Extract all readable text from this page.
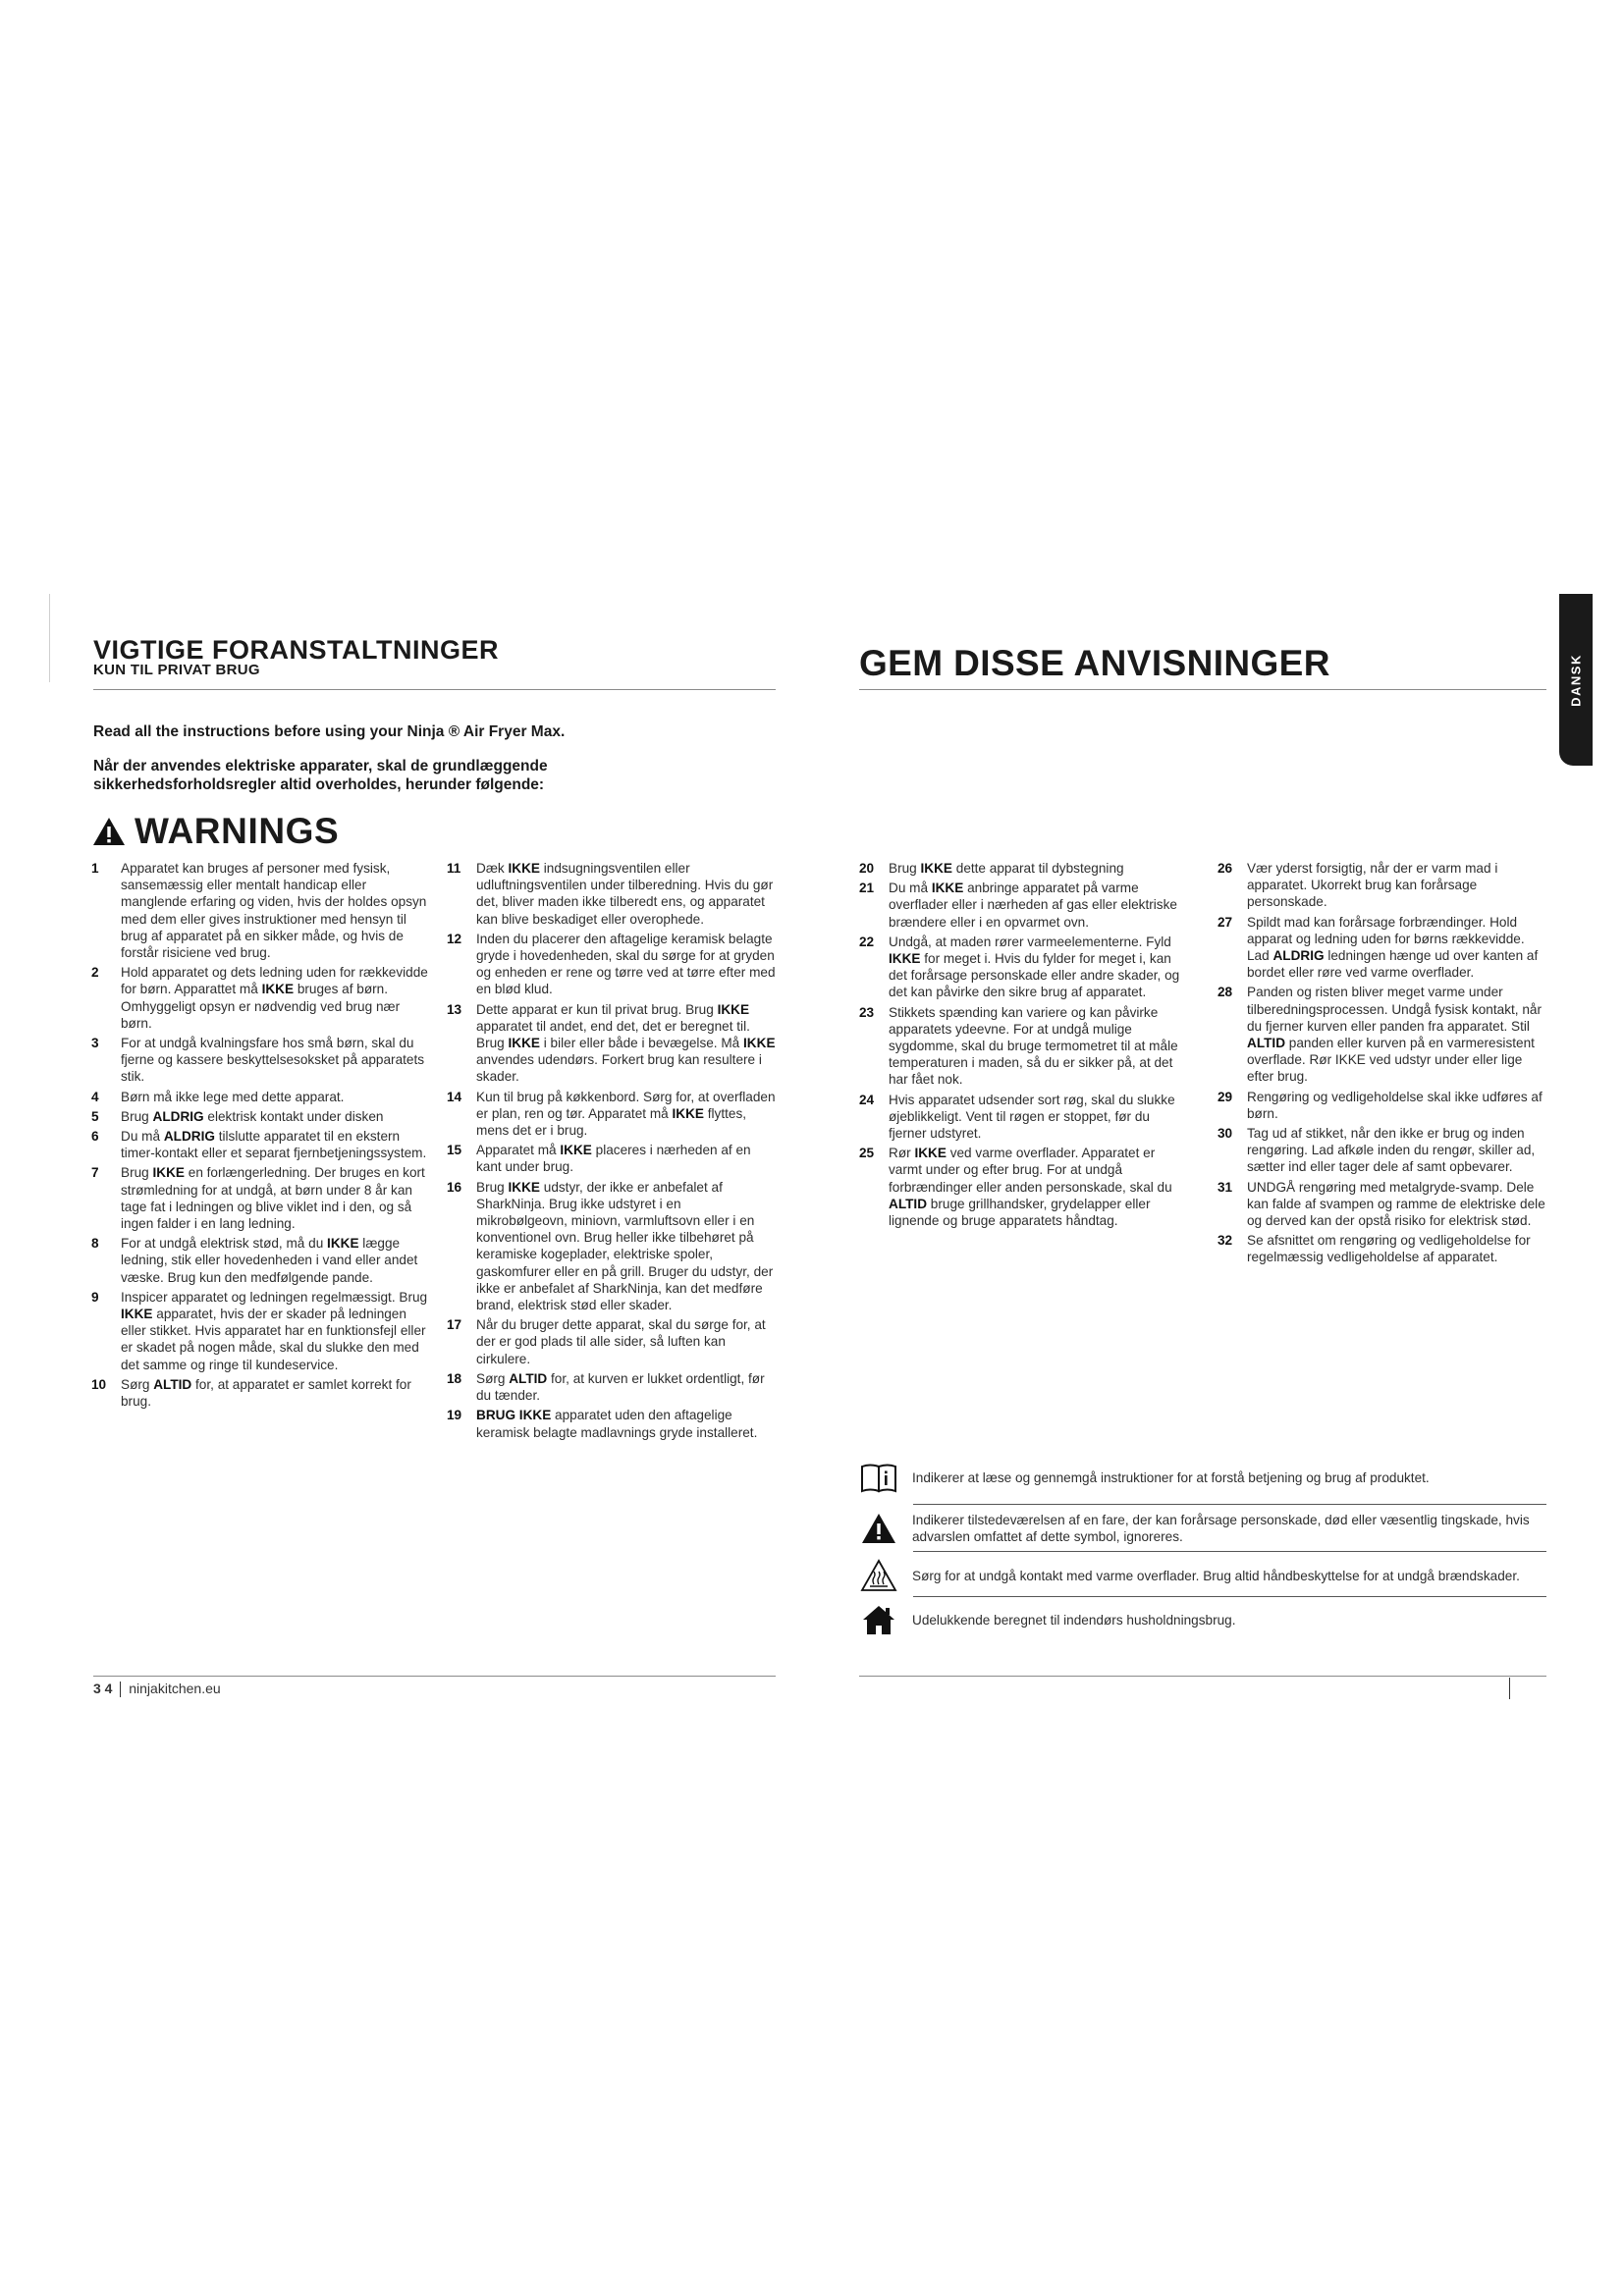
VIGTIGE FORANSTALTNINGER
KUN TIL PRIVAT BRUG	GEM DISSE ANVISNINGER	DANSK
Read all the instructions before using your Ninja ® Air Fryer Max.
Når der anvendes elektriske apparater, skal de grundlæggende sikkerhedsforholdsregler altid overholdes, herunder følgende:
WARNINGS
1	Apparatet kan bruges af personer med fysisk, sansemæssig eller mentalt handicap eller manglende erfaring og viden, hvis der holdes opsyn med dem eller gives instruktioner med hensyn til brug af apparatet på en sikker måde, og hvis de forstår risicienе ved brug.
2	Hold apparatet og dets ledning uden for rækkevidde for børn. Apparattet må IKKE bruges af børn. Omhyggeligt opsyn er nødvendig ved brug nær børn.
3	For at undgå kvalningsfare hos små børn, skal du fjerne og kassere beskyttelsesoksket på apparatets stik.
4	Børn må ikke lege med dette apparat.
5	Brug ALDRIG elektrisk kontakt under disken
6	Du må ALDRIG tilslutte apparatet til en ekstern timer-kontakt eller et separat fjernbetjeningssystem.
7	Brug IKKE en forlængerledning. Der bruges en kort strømledning for at undgå, at børn under 8 år kan tage fat i ledningen og blive viklet ind i den, og så ingen falder i en lang ledning.
8	For at undgå elektrisk stød, må du IKKE lægge ledning, stik eller hovedenheden i vand eller andet væske. Brug kun den medfølgende pande.
9	Inspicer apparatet og ledningen regelmæssigt. Brug IKKE apparatet, hvis der er skader på ledningen eller stikket. Hvis apparatet har en funktionsfejl eller er skadet på nogen måde, skal du slukke den med det samme og ringe til kundeservice.
10	Sørg ALTID for, at apparatet er samlet korrekt for brug.
11	Dæk IKKE indsugningsventilen eller udluftningsventilen under tilberedning. Hvis du gør det, bliver maden ikke tilberedt ens, og apparatet kan blive beskadiget eller overophede.
12	Inden du placerer den aftagelige keramisk belagte gryde i hovedenheden, skal du sørge for at gryden og enheden er rene og tørre ved at tørre efter med en blød klud.
13	Dette apparat er kun til privat brug. Brug IKKE apparatet til andet, end det, det er beregnet til. Brug IKKE i biler eller både i bevægelse. Må IKKE anvendes udendørs. Forkert brug kan resultere i skader.
14	Kun til brug på køkkenbord. Sørg for, at overfladen er plan, ren og tør. Apparatet må IKKE flyttes, mens det er i brug.
15	Apparatet må IKKE placeres i nærheden af en kant under brug.
16	Brug IKKE udstyr, der ikke er anbefalet af SharkNinja. Brug ikke udstyret i en mikrobølgeovn, miniovn, varmluftsovn eller i en konventionel ovn. Brug heller ikke tilbehøret på keramiske kogeplader, elektriske spoler, gaskomfurer eller en på grill. Bruger du udstyr, der ikke er anbefalet af SharkNinja, kan det medføre brand, elektrisk stød eller skader.
17	Når du bruger dette apparat, skal du sørge for, at der er god plads til alle sider, så luften kan cirkulere.
18	Sørg ALTID for, at kurven er lukket ordentligt, før du tænder.
19	BRUG IKKE apparatet uden den aftagelige keramisk belagte madlavnings gryde installeret.
20	Brug IKKE dette apparat til dybstegning
21	Du må IKKE anbringe apparatet på varme overflader eller i nærheden af gas eller elektriske brændere eller i en opvarmet ovn.
22	Undgå, at maden rører varmeelementerne. Fyld IKKE for meget i. Hvis du fylder for meget i, kan det forårsage personskade eller andre skader, og det kan påvirke den sikre brug af apparatet.
23	Stikkets spænding kan variere og kan påvirke apparatets ydeevne. For at undgå mulige sygdomme, skal du bruge termometret til at måle temperaturen i maden, så du er sikker på, at det har fået nok.
24	Hvis apparatet udsender sort røg, skal du slukke øjeblikkeligt. Vent til røgen er stoppet, før du fjerner udstyret.
25	Rør IKKE ved varme overflader. Apparatet er varmt under og efter brug. For at undgå forbrændinger eller anden personskade, skal du ALTID bruge grillhandsker, grydelapper eller lignende og bruge apparatets håndtag.
26	Vær yderst forsigtig, når der er varm mad i apparatet. Ukorrekt brug kan forårsage personskade.
27	Spildt mad kan forårsage forbrændinger. Hold apparat og ledning uden for børns rækkevidde. Lad ALDRIG ledningen hænge ud over kanten af bordet eller røre ved varme overflader.
28	Panden og risten bliver meget varme under tilberedningsprocessen. Undgå fysisk kontakt, når du fjerner kurven eller panden fra apparatet. Stil ALTID panden eller kurven på en varmeresistent overflade. Rør IKKE ved udstyr under eller lige efter brug.
29	Rengøring og vedligeholdelse skal ikke udføres af børn.
30	Tag ud af stikket, når den ikke er brug og inden rengøring. Lad afkøle inden du rengør, skiller ad, sætter ind eller tager dele af samt opbevarer.
31	UNDGÅ rengøring med metalgryde-svamp. Dele kan falde af svampen og ramme de elektriske dele og derved kan der opstå risiko for elektrisk stød.
32	Se afsnittet om rengøring og vedligeholdelse for regelmæssig vedligeholdelse af apparatet.
Indikerer at læse og gennemgå instruktioner for at forstå betjening og brug af produktet.
Indikerer tilstedeværelsen af en fare, der kan forårsage personskade, død eller væsentlig tingskade, hvis advarslen omfattet af dette symbol, ignoreres.
Sørg for at undgå kontakt med varme overflader. Brug altid håndbeskyttelse for at undgå brændskader.
Udelukkende beregnet til indendørs husholdningsbrug.
3 4 ninjakitchen.eu
